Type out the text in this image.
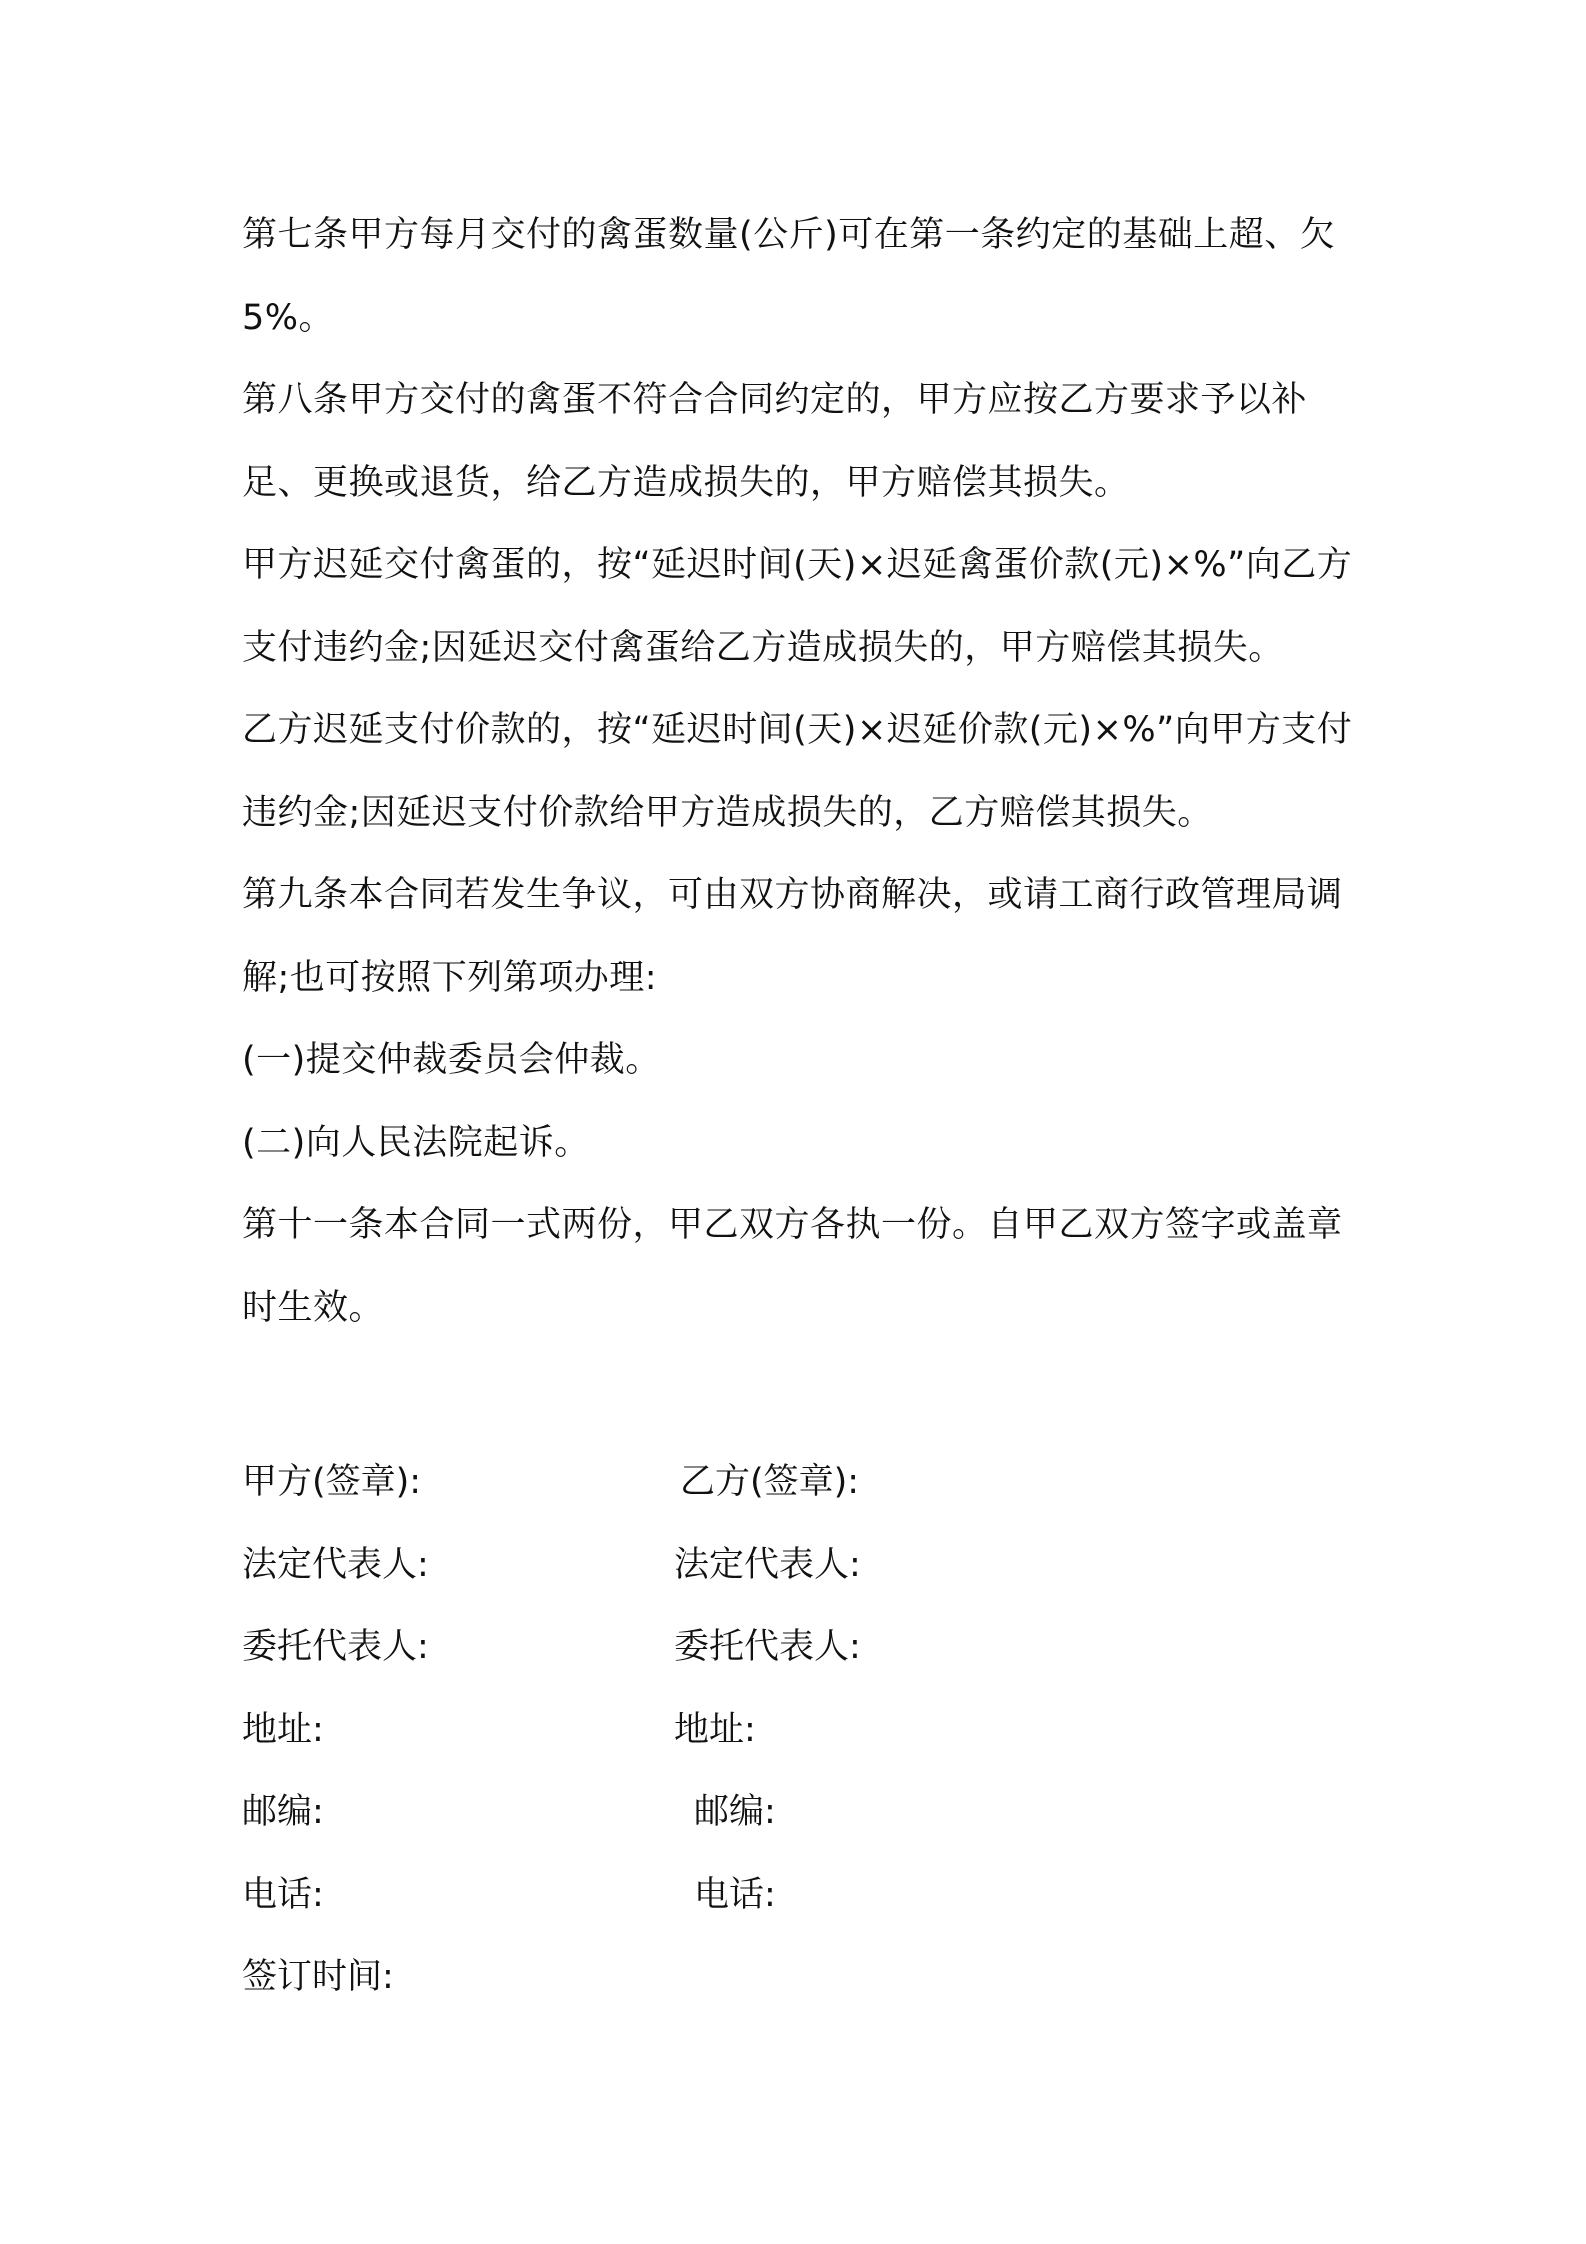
第七条甲方每月交付的禽蛋数量(公斤)可在第一条约定的基础上超、欠 5%。

第八条甲方交付的禽蛋不符合合同约定的，甲方应按乙方要求予以补足、更换或退货，给乙方造成损失的，甲方赔偿其损失。

甲方迟延交付禽蛋的，按“延迟时间(天)×迟延禽蛋价款(元)×%”向乙方支付违约金;因延迟交付禽蛋给乙方造成损失的，甲方赔偿其损失。

乙方迟延支付价款的，按“延迟时间(天)×迟延价款(元)×%”向甲方支付违约金;因延迟支付价款给甲方造成损失的，乙方赔偿其损失。

第九条本合同若发生争议，可由双方协商解决，或请工商行政管理局调解;也可按照下列第项办理:

(一)提交仲裁委员会仲裁。

(二)向人民法院起诉。

第十一条本合同一式两份，甲乙双方各执一份。自甲乙双方签字或盖章时生效。

甲方(签章):	乙方(签章):
法定代表人:	法定代表人:
委托代表人:	委托代表人:
地址:	地址:
邮编:	邮编:
电话:	电话:
签订时间:
